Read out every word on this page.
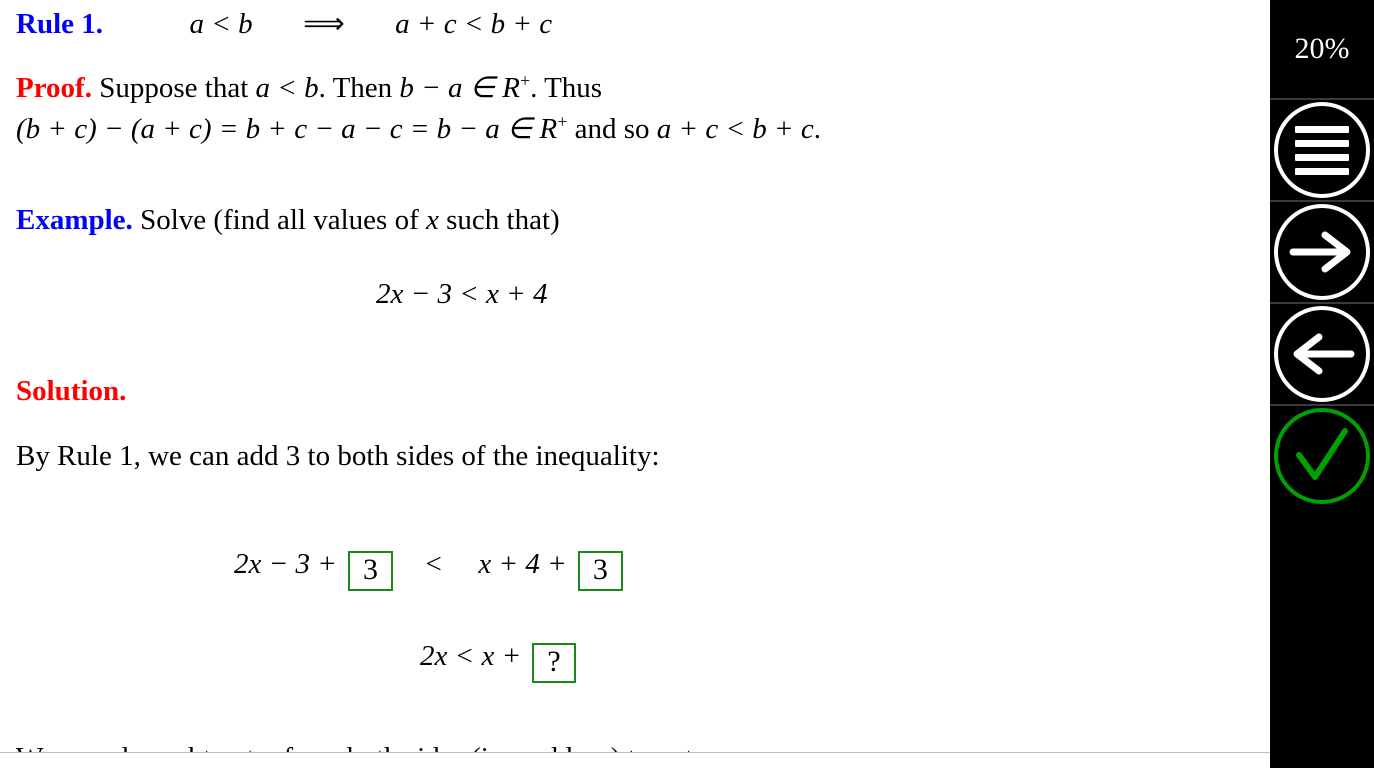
Rule 1.	a < b ⟹ a + c < b + c
Proof. Suppose that a < b. Then b − a ∈ R+. Thus
(b + c) − (a + c) = b + c − a − c = b − a ∈ R+ and so a + c < b + c.
Example. Solve (find all values of x such that)
2x − 3 < x + 4
Solution.
By Rule 1, we can add 3 to both sides of the inequality:
2x − 3 + 3 < x + 4 + 3
2x < x + ?
20%
